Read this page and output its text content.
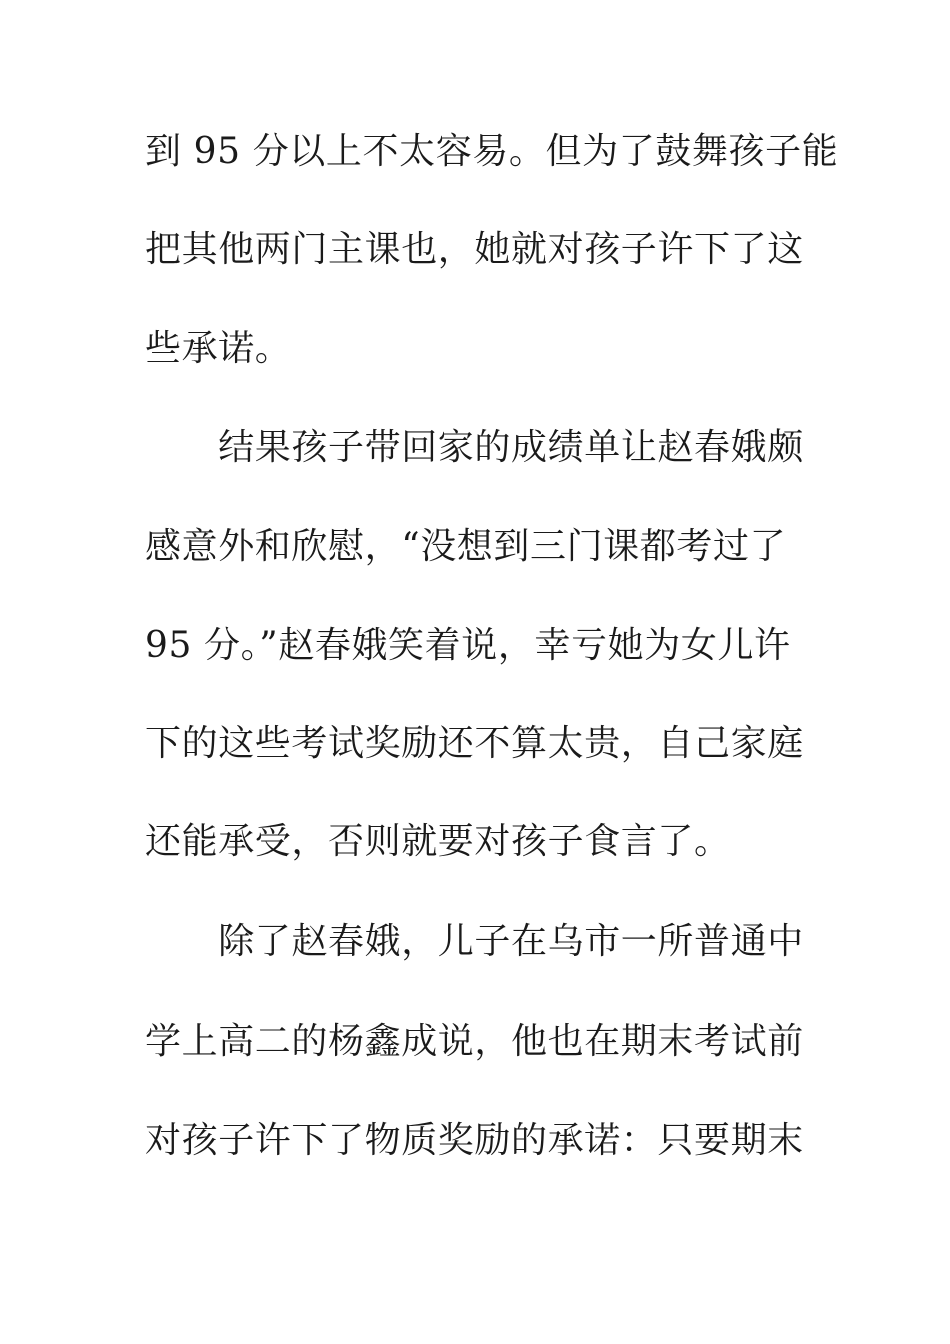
到 95 分以上不太容易。但为了鼓舞孩子能
把其他两门主课也，她就对孩子许下了这
些承诺。
　　结果孩子带回家的成绩单让赵春娥颇
感意外和欣慰，“没想到三门课都考过了
95 分。”赵春娥笑着说，幸亏她为女儿许
下的这些考试奖励还不算太贵，自己家庭
还能承受，否则就要对孩子食言了。
　　除了赵春娥，儿子在乌市一所普通中
学上高二的杨鑫成说，他也在期末考试前
对孩子许下了物质奖励的承诺：只要期末
